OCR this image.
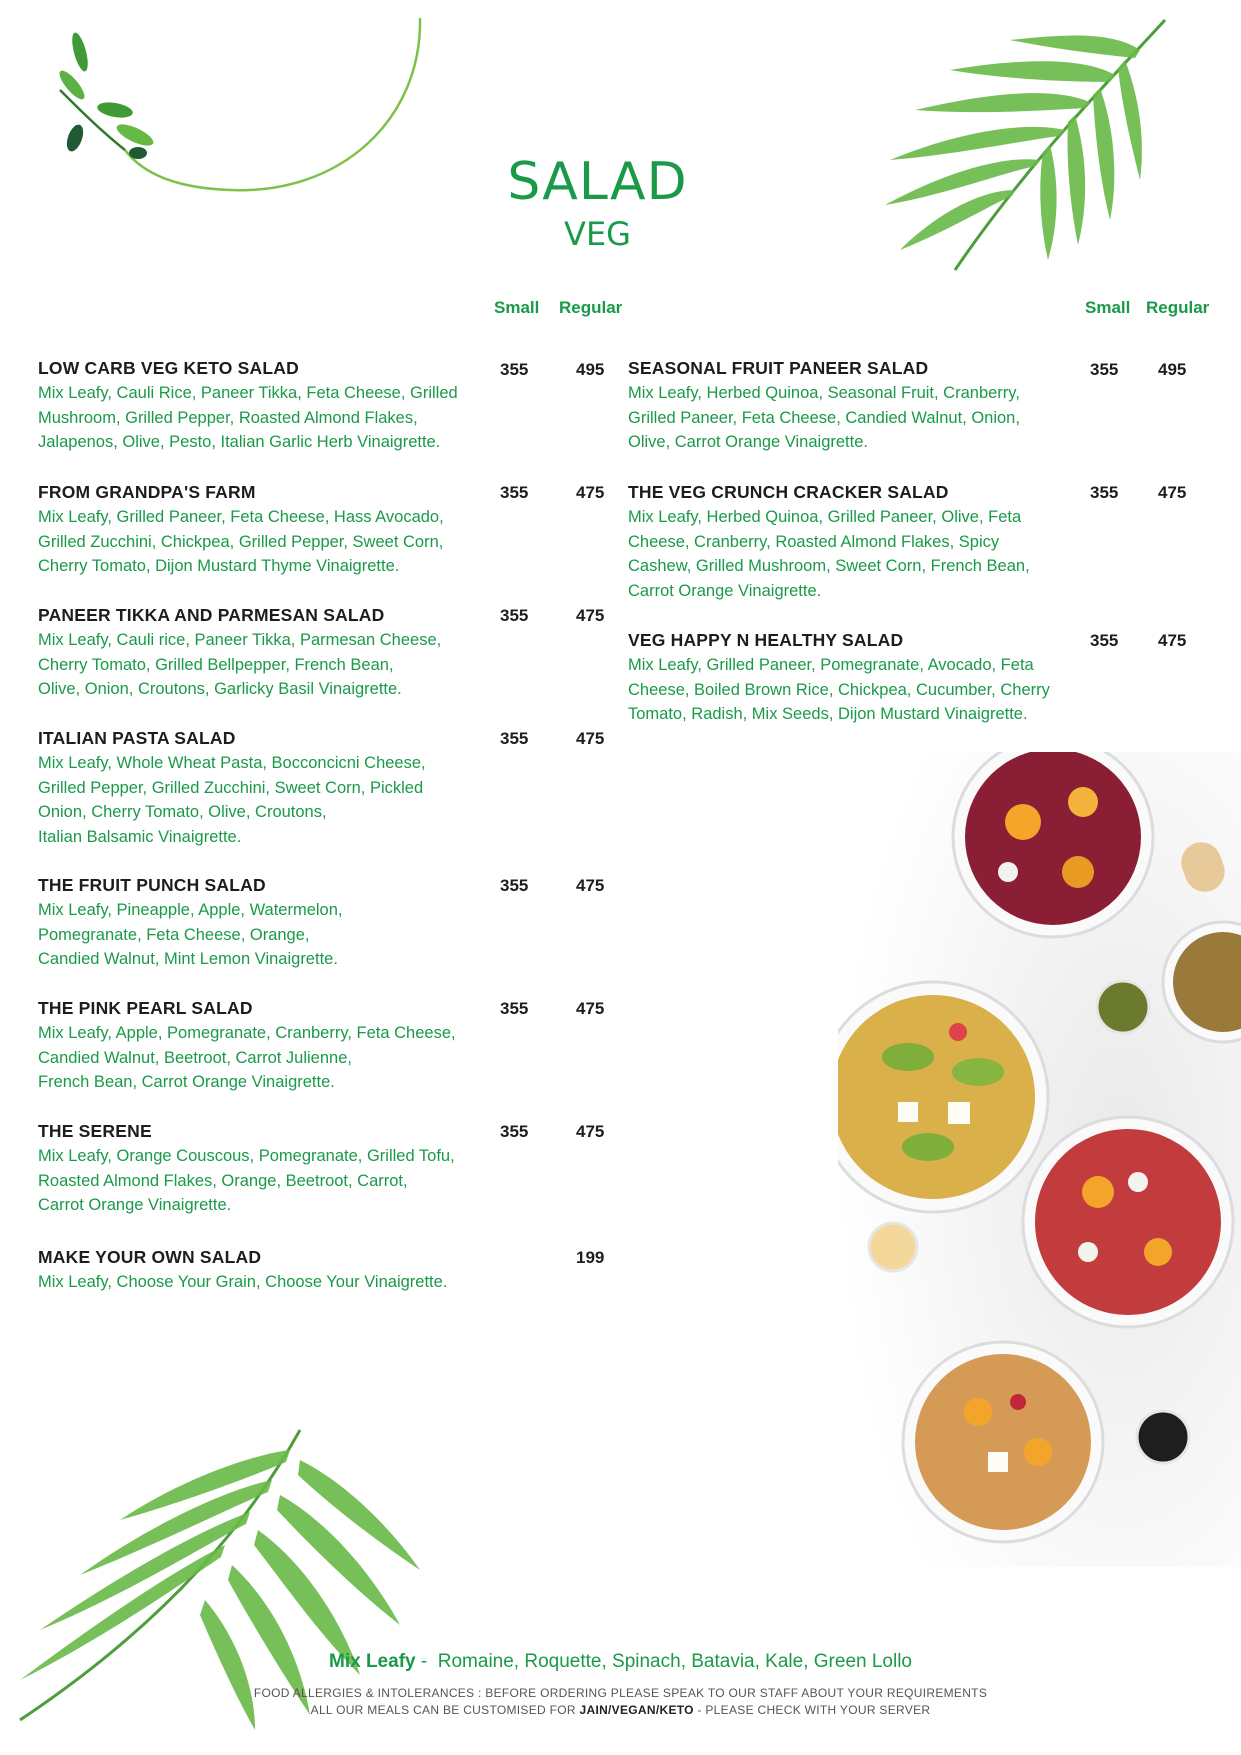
SALAD
VEG
Small Regular	Small Regular
LOW CARB VEG KETO SALAD
Mix Leafy, Cauli Rice, Paneer Tikka, Feta Cheese, Grilled
Mushroom, Grilled Pepper, Roasted Almond Flakes,
Jalapenos, Olive, Pesto, Italian Garlic Herb Vinaigrette.
355	495
FROM GRANDPA'S FARM
Mix Leafy, Grilled Paneer, Feta Cheese, Hass Avocado,
Grilled Zucchini, Chickpea, Grilled Pepper, Sweet Corn,
Cherry Tomato, Dijon Mustard Thyme Vinaigrette.
355	475
PANEER TIKKA AND PARMESAN SALAD
Mix Leafy, Cauli rice, Paneer Tikka, Parmesan Cheese,
Cherry Tomato, Grilled Bellpepper, French Bean,
Olive, Onion, Croutons, Garlicky Basil Vinaigrette.
355	475
ITALIAN PASTA SALAD
Mix Leafy, Whole Wheat Pasta, Bocconcicni Cheese,
Grilled Pepper, Grilled Zucchini, Sweet Corn, Pickled
Onion, Cherry Tomato, Olive, Croutons,
Italian Balsamic Vinaigrette.
355	475
THE FRUIT PUNCH SALAD
Mix Leafy, Pineapple, Apple, Watermelon,
Pomegranate, Feta Cheese, Orange,
Candied Walnut, Mint Lemon Vinaigrette.
355	475
THE PINK PEARL SALAD
Mix Leafy, Apple, Pomegranate, Cranberry, Feta Cheese,
Candied Walnut, Beetroot, Carrot Julienne,
French Bean, Carrot Orange Vinaigrette.
355	475
THE SERENE
Mix Leafy, Orange Couscous, Pomegranate, Grilled Tofu,
Roasted Almond Flakes, Orange, Beetroot, Carrot,
Carrot Orange Vinaigrette.
355	475
MAKE YOUR OWN SALAD
Mix Leafy, Choose Your Grain, Choose Your Vinaigrette.
199
SEASONAL FRUIT PANEER SALAD
Mix Leafy, Herbed Quinoa, Seasonal Fruit, Cranberry,
Grilled Paneer, Feta Cheese, Candied Walnut, Onion,
Olive, Carrot Orange Vinaigrette.
355 495
THE VEG CRUNCH CRACKER SALAD
Mix Leafy, Herbed Quinoa, Grilled Paneer, Olive, Feta
Cheese, Cranberry, Roasted Almond Flakes, Spicy
Cashew, Grilled Mushroom, Sweet Corn, French Bean,
Carrot Orange Vinaigrette.
355 475
VEG HAPPY N HEALTHY SALAD
Mix Leafy, Grilled Paneer, Pomegranate, Avocado, Feta
Cheese, Boiled Brown Rice, Chickpea, Cucumber, Cherry
Tomato, Radish, Mix Seeds, Dijon Mustard Vinaigrette.
355 475
Mix Leafy -  Romaine, Roquette, Spinach, Batavia, Kale, Green Lollo
FOOD ALLERGIES & INTOLERANCES : BEFORE ORDERING PLEASE SPEAK TO OUR STAFF ABOUT YOUR REQUIREMENTS
ALL OUR MEALS CAN BE CUSTOMISED FOR JAIN/VEGAN/KETO - PLEASE CHECK WITH YOUR SERVER
